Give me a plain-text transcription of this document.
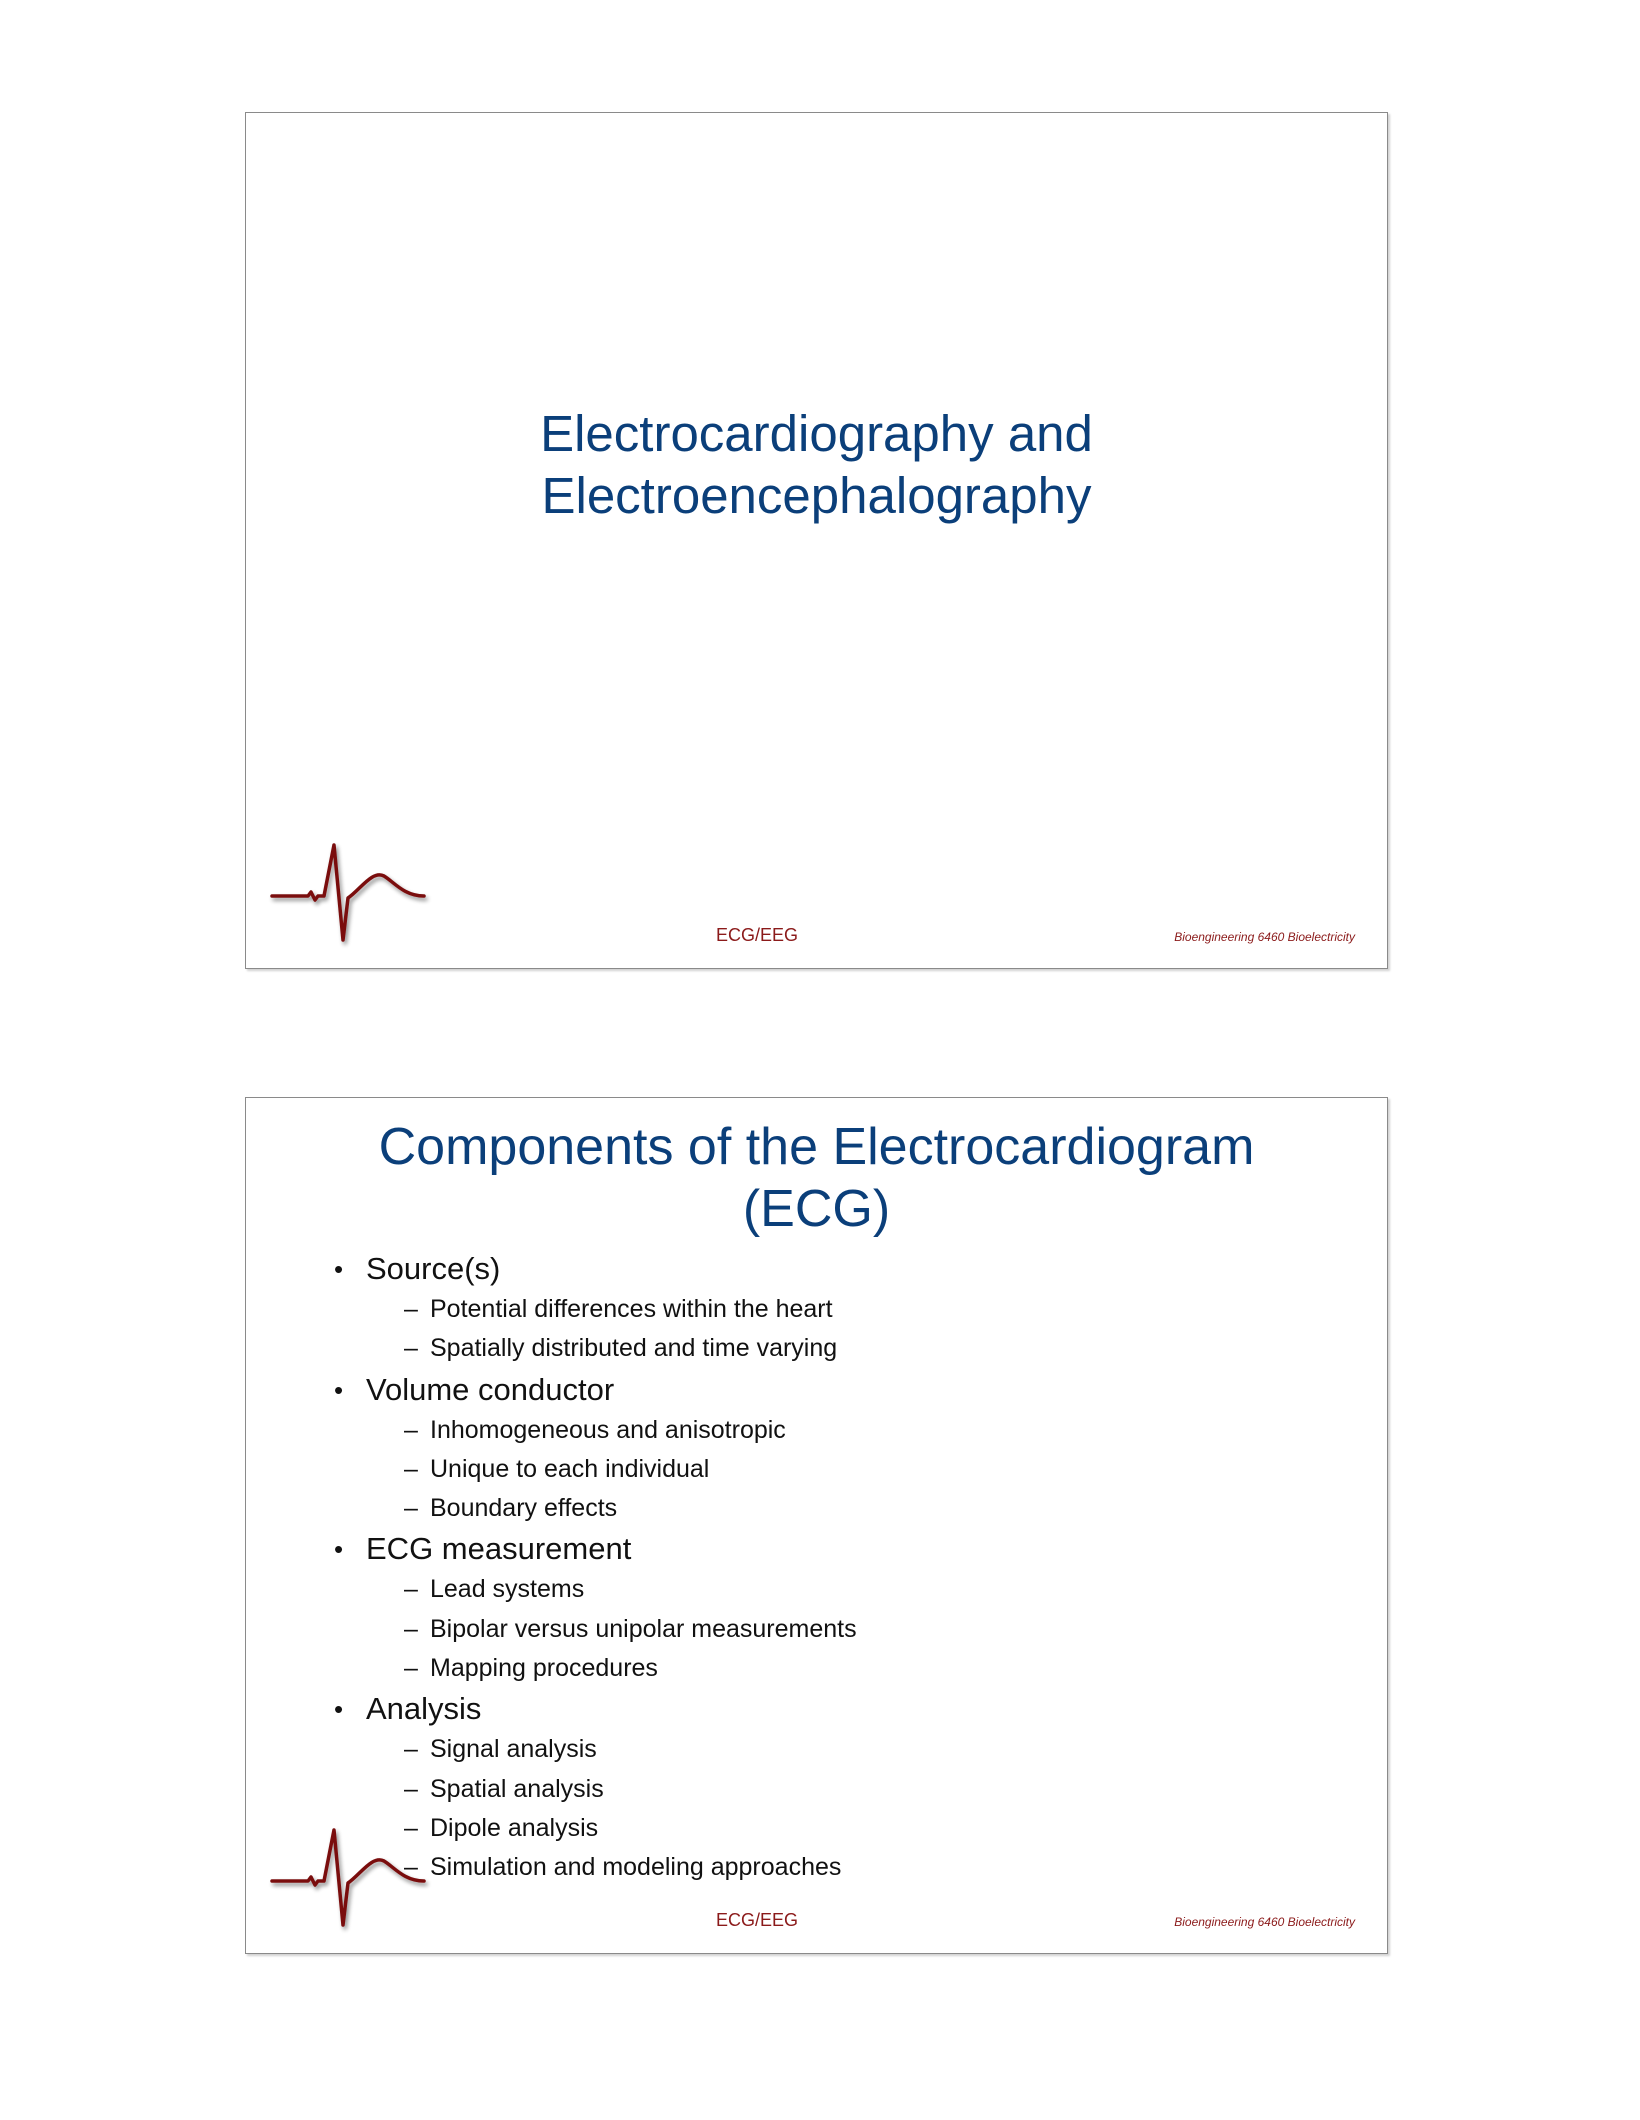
Electrocardiography and
Electroencephalography
ECG/EEG	Bioengineering 6460 Bioelectricity
Components of the Electrocardiogram
(ECG)
• Source(s)
– Potential differences within the heart
– Spatially distributed and time varying
• Volume conductor
– Inhomogeneous and anisotropic
– Unique to each individual
– Boundary effects
• ECG measurement
– Lead systems
– Bipolar versus unipolar measurements
– Mapping procedures
• Analysis
– Signal analysis
– Spatial analysis
– Dipole analysis
– Simulation and modeling approaches
ECG/EEG	Bioengineering 6460 Bioelectricity
